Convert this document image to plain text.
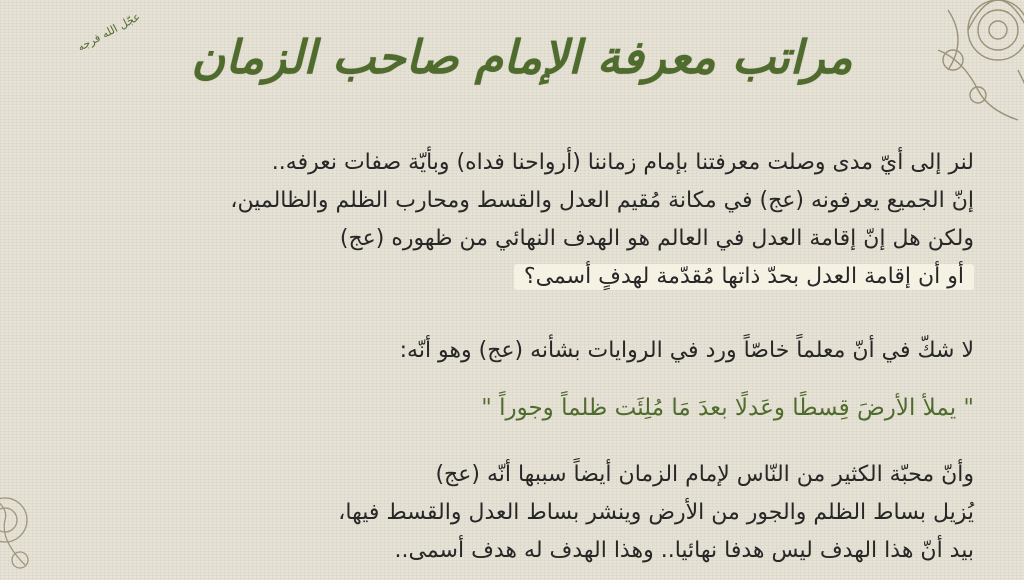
عجّل الله فرجه	مراتب معرفة الإمام صاحب الزمان
لنر إلى أيّ مدى وصلت معرفتنا بإمام زماننا (أرواحنا فداه) وبأيّة صفات نعرفه..
إنّ الجميع يعرفونه (عج) في مكانة مُقيم العدل والقسط ومحارب الظلم والظالمين،
ولكن هل إنّ إقامة العدل في العالم هو الهدف النهائي من ظهوره (عج)
أو أن إقامة العدل بحدّ ذاتها مُقدّمة لهدفٍ أسمى؟
لا شكّ في أنّ معلماً خاصّاً ورد في الروايات بشأنه (عج) وهو أنّه:
" يملأ الأرضَ قِسطًا وعَدلًا بعدَ مَا مُلِئَت ظلماً وجوراً "
وأنّ محبّة الكثير من النّاس لإمام الزمان أيضاً سببها أنّه (عج)
يُزيل بساط الظلم والجور من الأرض وينشر بساط العدل والقسط فيها،
بيد أنّ هذا الهدف ليس هدفا نهائيا.. وهذا الهدف له هدف أسمى..
